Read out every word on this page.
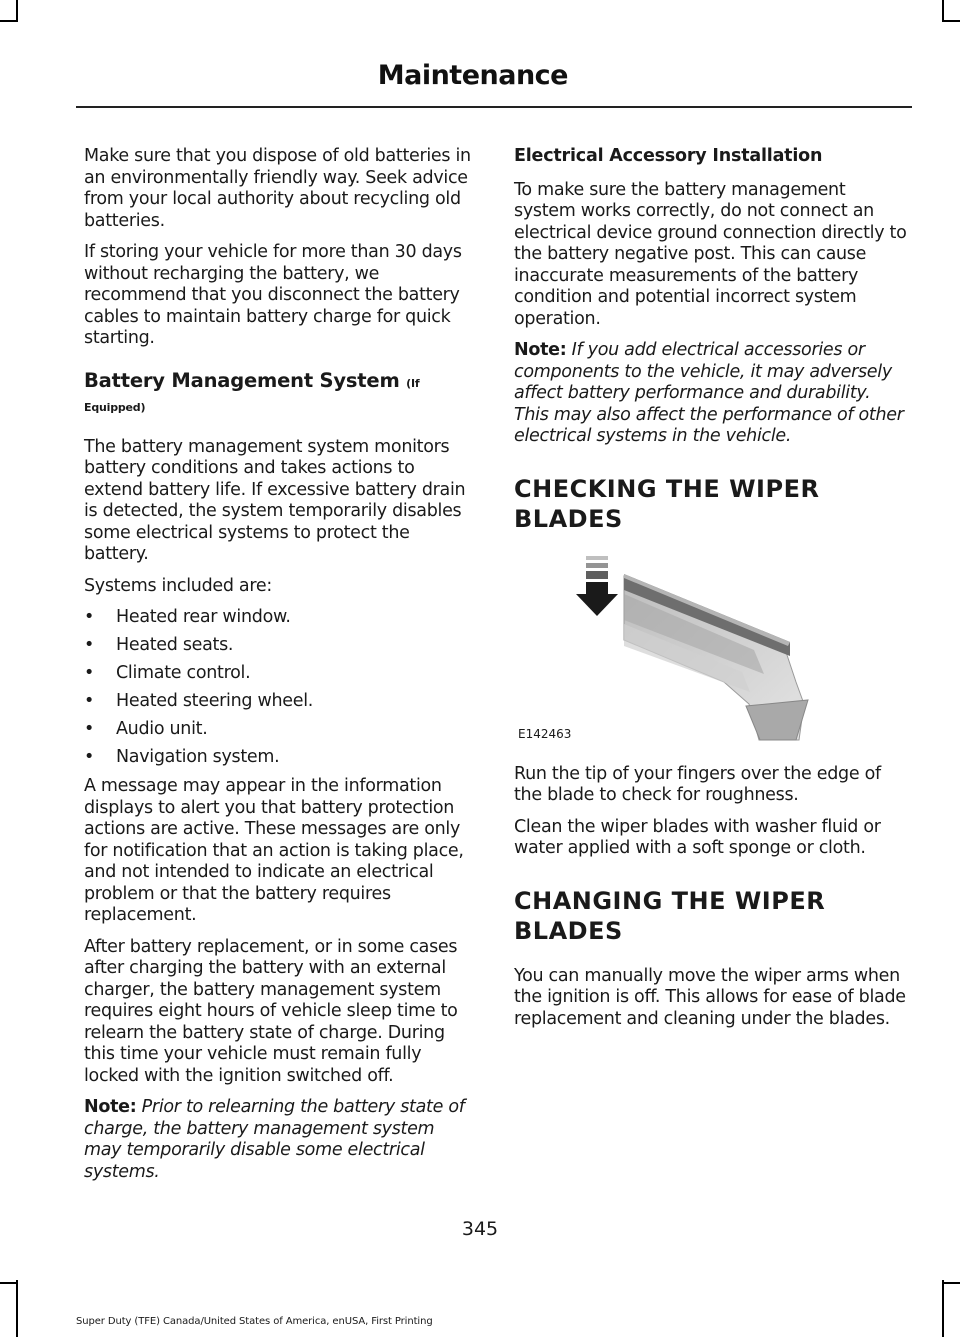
Maintenance

Make sure that you dispose of old batteries in an environmentally friendly way. Seek advice from your local authority about recycling old batteries.

If storing your vehicle for more than 30 days without recharging the battery, we recommend that you disconnect the battery cables to maintain battery charge for quick starting.

Battery Management System (If Equipped)

The battery management system monitors battery conditions and takes actions to extend battery life. If excessive battery drain is detected, the system temporarily disables some electrical systems to protect the battery.

Systems included are:

• Heated rear window.
• Heated seats.
• Climate control.
• Heated steering wheel.
• Audio unit.
• Navigation system.

A message may appear in the information displays to alert you that battery protection actions are active. These messages are only for notification that an action is taking place, and not intended to indicate an electrical problem or that the battery requires replacement.

After battery replacement, or in some cases after charging the battery with an external charger, the battery management system requires eight hours of vehicle sleep time to relearn the battery state of charge. During this time your vehicle must remain fully locked with the ignition switched off.

Note: Prior to relearning the battery state of charge, the battery management system may temporarily disable some electrical systems.

Electrical Accessory Installation

To make sure the battery management system works correctly, do not connect an electrical device ground connection directly to the battery negative post. This can cause inaccurate measurements of the battery condition and potential incorrect system operation.

Note: If you add electrical accessories or components to the vehicle, it may adversely affect battery performance and durability. This may also affect the performance of other electrical systems in the vehicle.

CHECKING THE WIPER BLADES
E142463

Run the tip of your fingers over the edge of the blade to check for roughness.

Clean the wiper blades with washer fluid or water applied with a soft sponge or cloth.

CHANGING THE WIPER BLADES

You can manually move the wiper arms when the ignition is off. This allows for ease of blade replacement and cleaning under the blades.

345
Super Duty (TFE) Canada/United States of America, enUSA, First Printing
